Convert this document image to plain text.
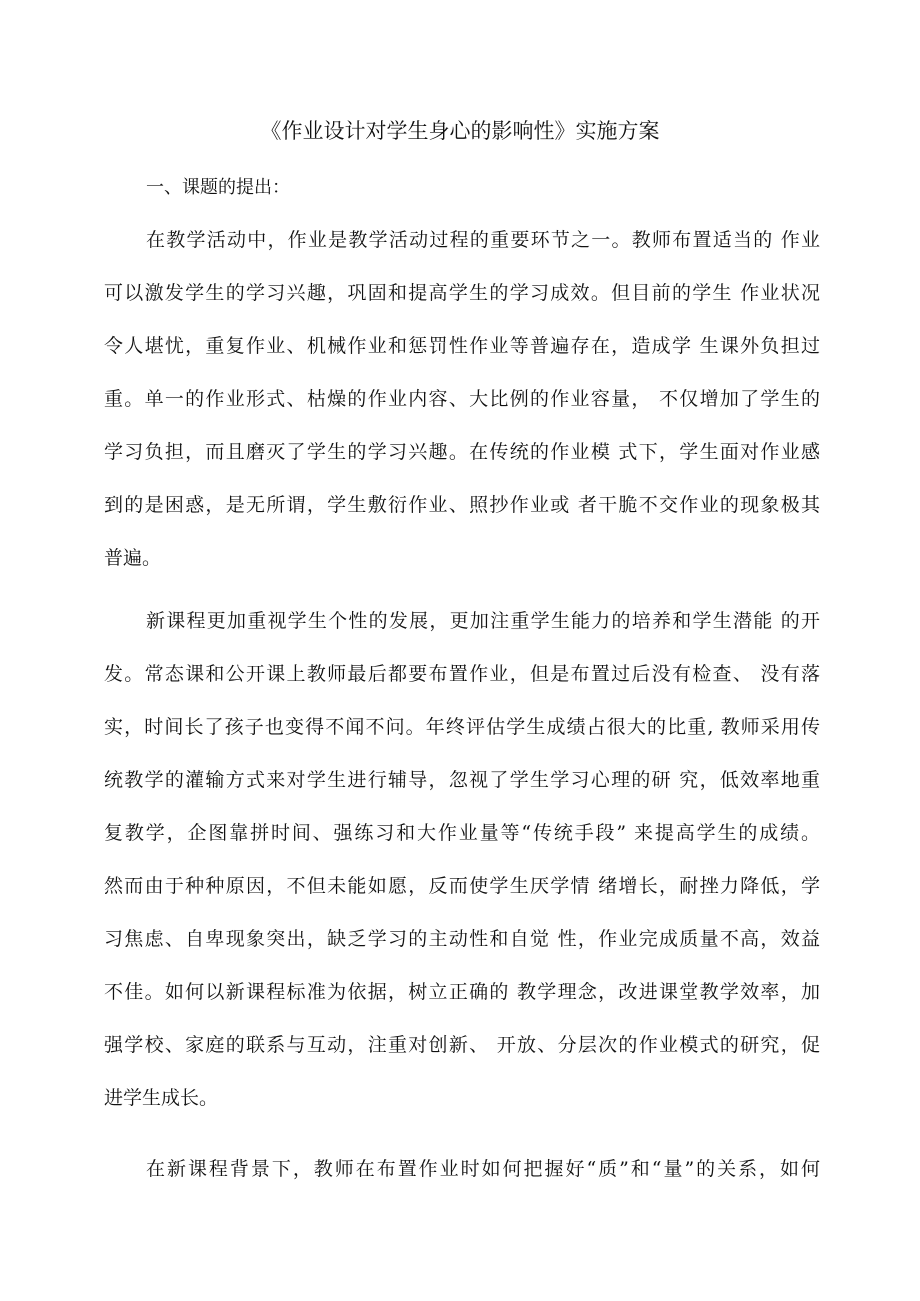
《作业设计对学生身心的影响性》实施方案
一、课题的提出：
在教学活动中，作业是教学活动过程的重要环节之一。教师布置适当的 作业
可以激发学生的学习兴趣，巩固和提高学生的学习成效。但目前的学生 作业状况
令人堪忧，重复作业、机械作业和惩罚性作业等普遍存在，造成学 生课外负担过
重。单一的作业形式、枯燥的作业内容、大比例的作业容量， 不仅增加了学生的
学习负担，而且磨灭了学生的学习兴趣。在传统的作业模 式下，学生面对作业感
到的是困惑，是无所谓，学生敷衍作业、照抄作业或 者干脆不交作业的现象极其
普遍。
新课程更加重视学生个性的发展，更加注重学生能力的培养和学生潜能 的开
发。常态课和公开课上教师最后都要布置作业，但是布置过后没有检查、 没有落
实，时间长了孩子也变得不闻不问。年终评估学生成绩占很大的比重, 教师采用传
统教学的灌输方式来对学生进行辅导，忽视了学生学习心理的研 究，低效率地重
复教学，企图靠拼时间、强练习和大作业量等“传统手段” 来提高学生的成绩。
然而由于种种原因，不但未能如愿，反而使学生厌学情 绪增长，耐挫力降低，学
习焦虑、自卑现象突出，缺乏学习的主动性和自觉 性，作业完成质量不高，效益
不佳。如何以新课程标准为依据，树立正确的 教学理念，改进课堂教学效率，加
强学校、家庭的联系与互动，注重对创新、 开放、分层次的作业模式的研究，促
进学生成长。
在新课程背景下，教师在布置作业时如何把握好“质”和“量”的关系，如何
